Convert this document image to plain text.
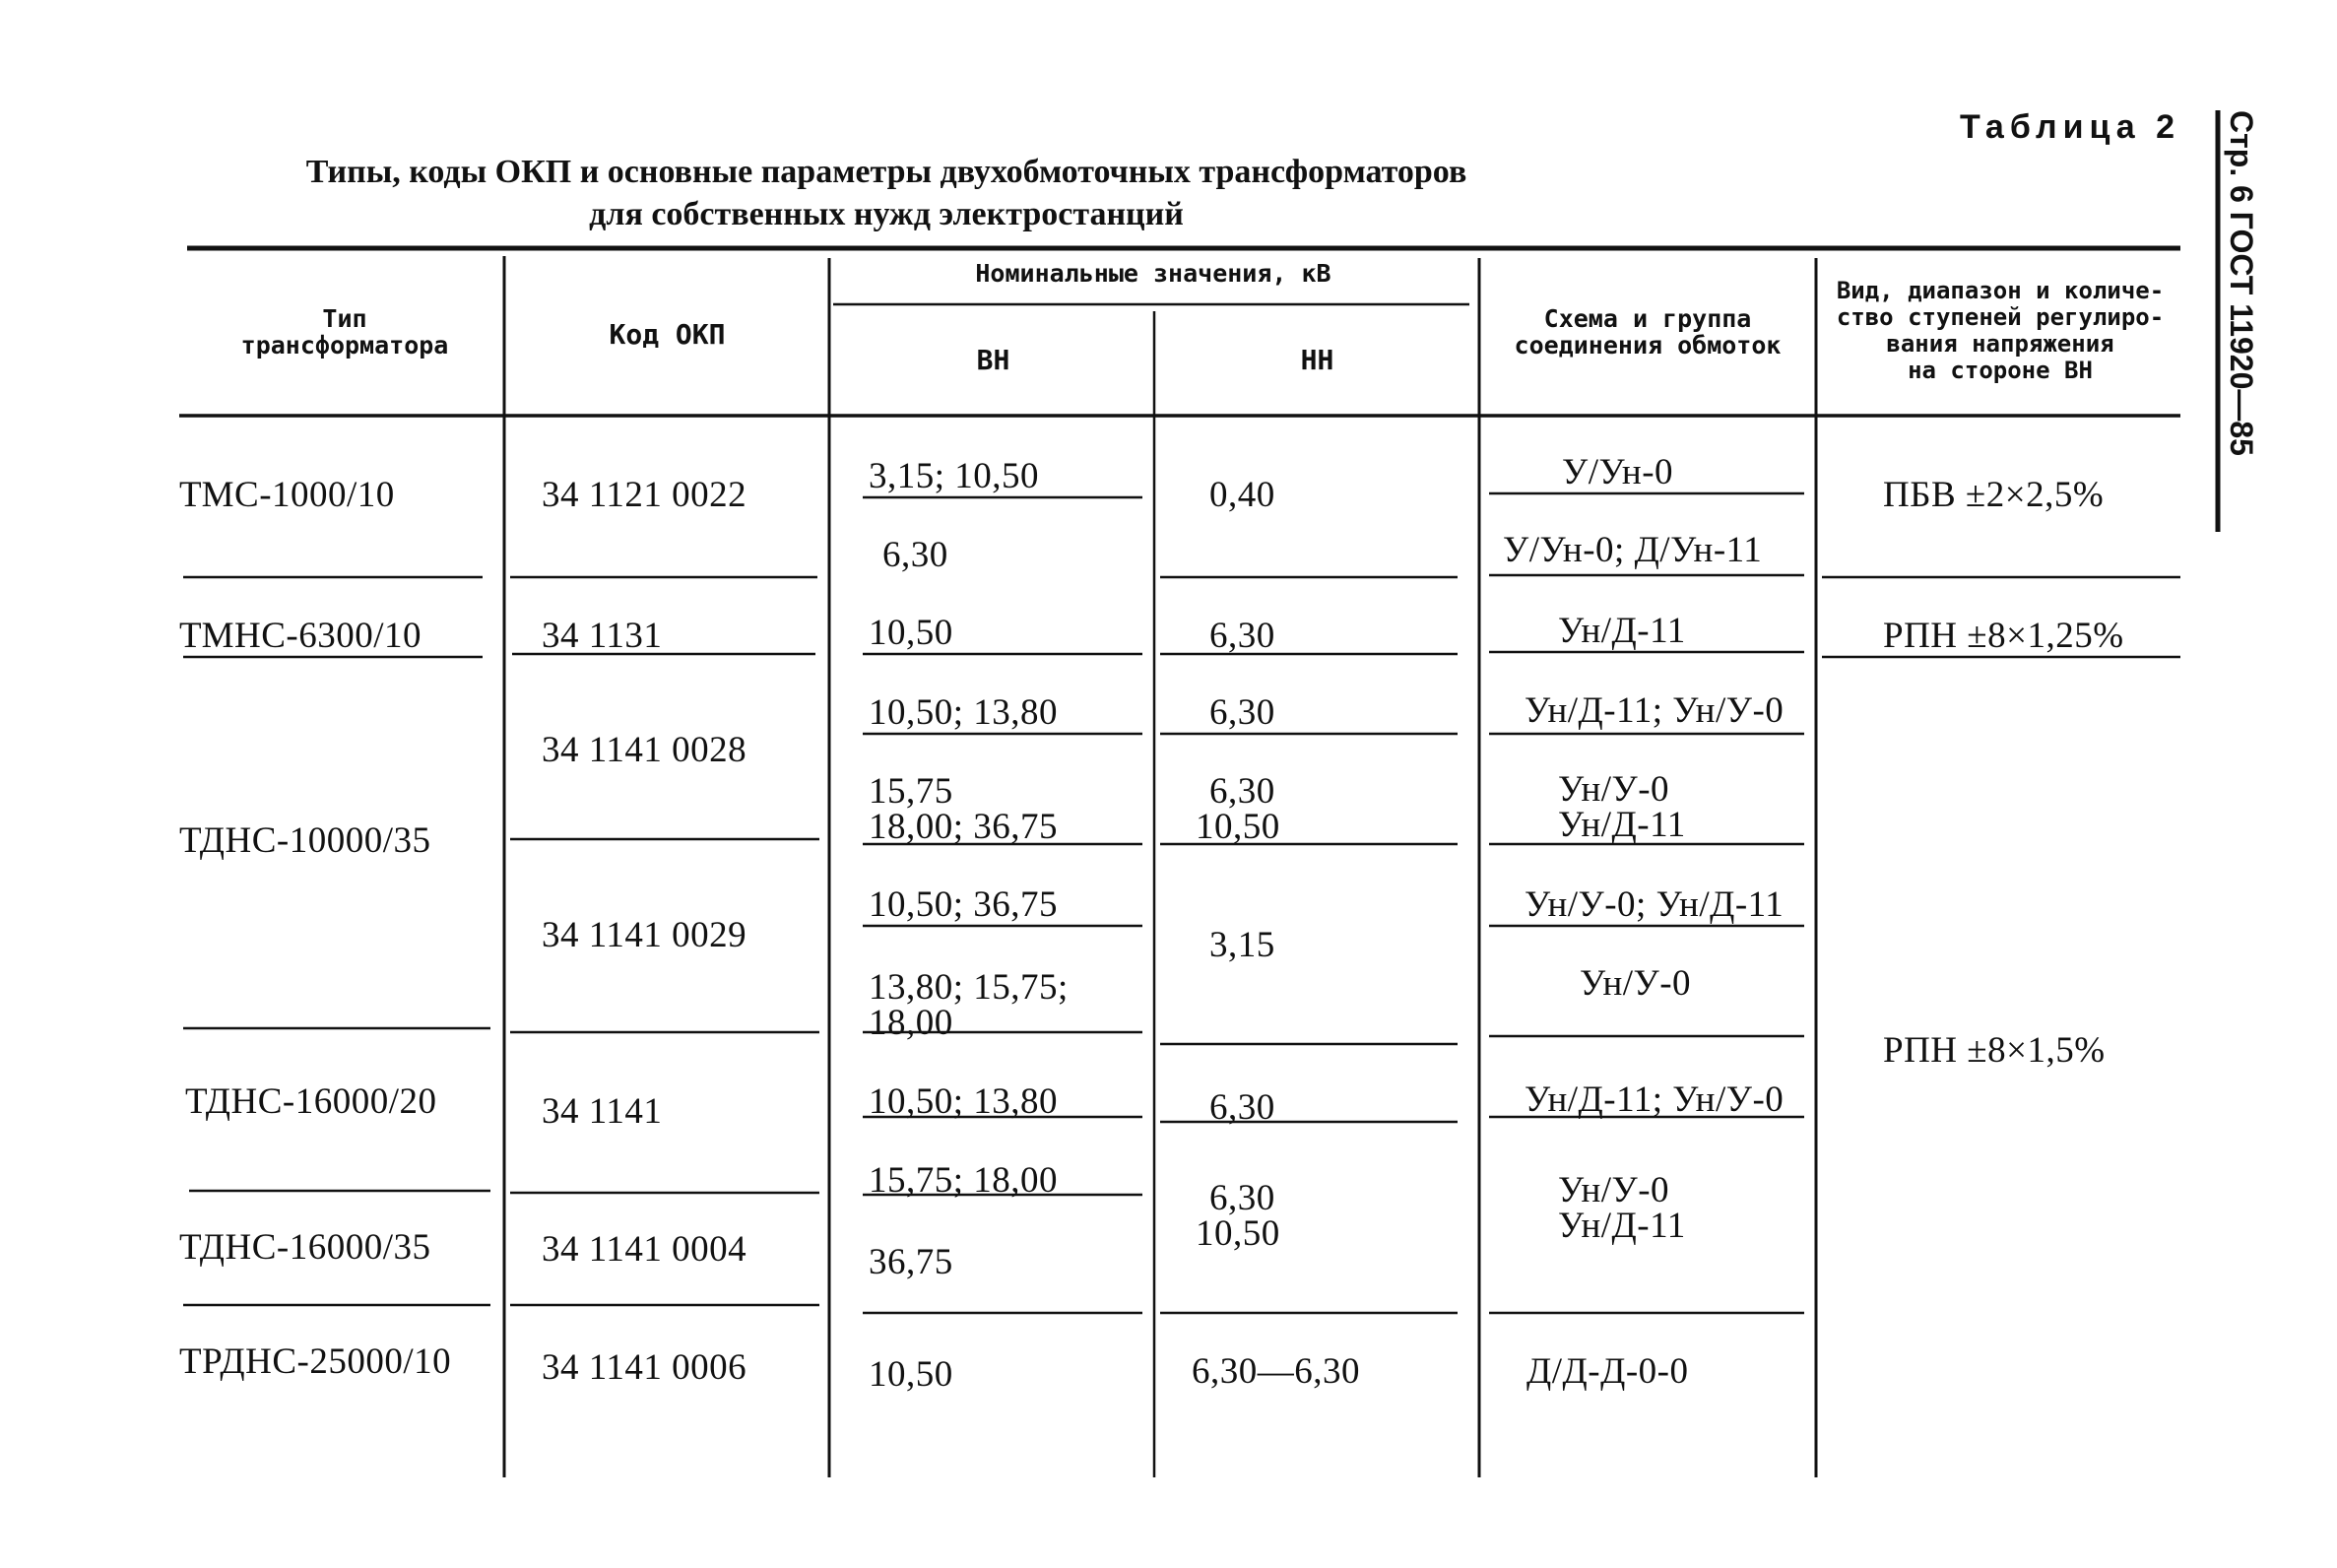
Стр. 6 ГОСТ 11920—85
Таблица 2
Типы, коды ОКП и основные параметры двухобмоточных трансформаторов
для собственных нужд электростанций
Тип
трансформатора	Код ОКП
Номинальные значения, кВ
ВН	НН
Схема и группа
соединения обмоток
Вид, диапазон и количе-
ство ступеней регулиро-
вания напряжения
на стороне ВН
ТМС-1000/10
ТМНС-6300/10
ТДНС-10000/35
ТДНС-16000/20
ТДНС-16000/35
ТРДНС-25000/10
34 1121 0022
34 1131
34 1141 0028
34 1141 0029
34 1141
34 1141 0004
34 1141 0006
3,15; 10,50
6,30
10,50
10,50; 13,80
15,75
18,00; 36,75
10,50; 36,75
13,80; 15,75;
18,00
10,50; 13,80
15,75; 18,00
36,75
10,50
0,40
6,30
6,30
6,30
10,50
3,15
6,30
6,30
10,50
6,30—6,30
У/Ун-0
У/Ун-0; Д/Ун-11
Ун/Д-11
Ун/Д-11; Ун/У-0
Ун/У-0
Ун/Д-11
Ун/У-0; Ун/Д-11
Ун/У-0
Ун/Д-11; Ун/У-0
Ун/У-0
Ун/Д-11
Д/Д-Д-0-0
ПБВ ±2×2,5%
РПН ±8×1,25%
РПН ±8×1,5%
